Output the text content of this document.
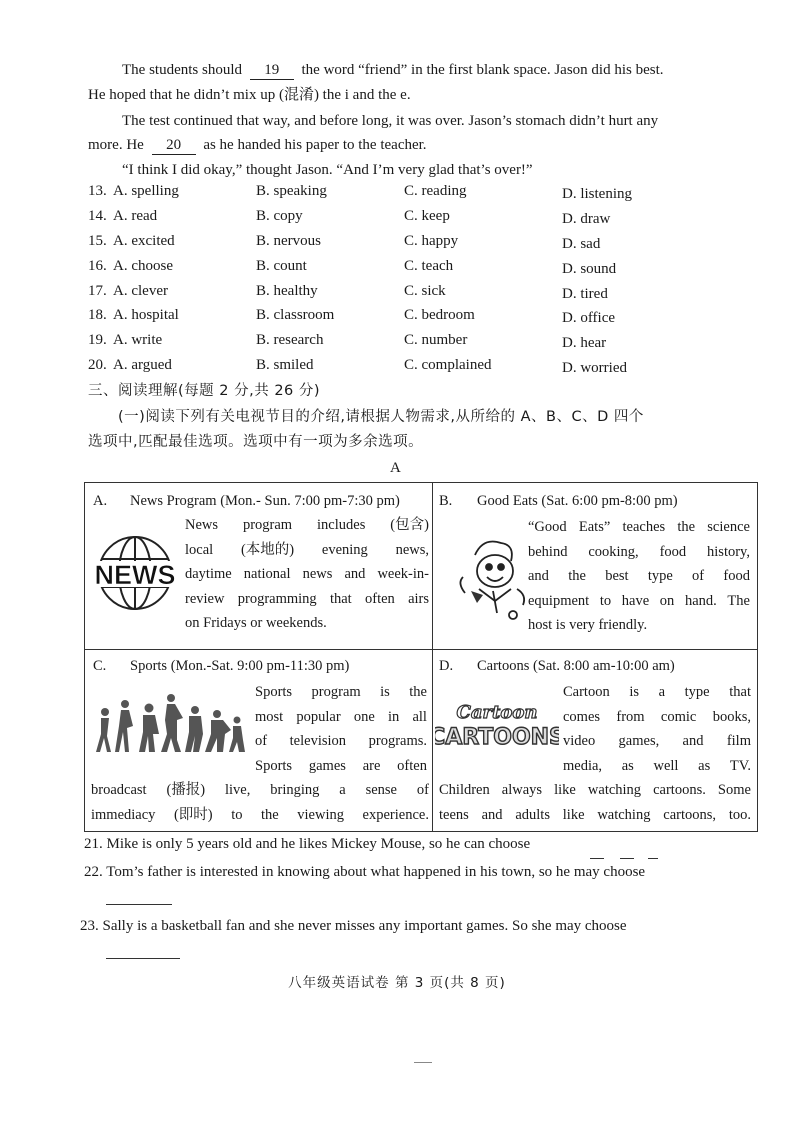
The students should 19 the word “friend” in the first blank space. Jason did his best.
He hoped that he didn’t mix up (混淆) the i and the e.
The test continued that way, and before long, it was over. Jason’s stomach didn’t hurt any
more. He 20 as he handed his paper to the teacher.
“I think I did okay,” thought Jason. “And I’m very glad that’s over!”
13. A. spelling	B. speaking	C. reading	D. listening
14. A. read	B. copy	C. keep	D. draw
15. A. excited	B. nervous	C. happy	D. sad
16. A. choose	B. count	C. teach	D. sound
17. A. clever	B. healthy	C. sick	D. tired
18. A. hospital	B. classroom	C. bedroom	D. office
19. A. write	B. research	C. number	D. hear
20. A. argued	B. smiled	C. complained	D. worried
三、阅读理解(每题 2 分,共 26 分)
(一)阅读下列有关电视节目的介绍,请根据人物需求,从所给的 A、B、C、D 四个
选项中,匹配最佳选项。选项中有一项为多余选项。
A
A. News Program (Mon.- Sun. 7:00 pm-7:30 pm)
NEWS
News program includes (包含)
local (本地的) evening news,
daytime national news and week-in-
review programming that often airs
on Fridays or weekends.
B. Good Eats (Sat. 6:00 pm-8:00 pm)
“Good Eats” teaches the science
behind cooking, food history,
and the best type of food
equipment to have on hand. The
host is very friendly.
C. Sports (Mon.-Sat. 9:00 pm-11:30 pm)
Sports program is the
most popular one in all
of television programs.
Sports games are often
broadcast (播报) live, bringing a sense of
immediacy (即时) to the viewing experience.
D. Cartoons (Sat. 8:00 am-10:00 am)
Cartoon
CARTOONS
Cartoon is a type that
comes from comic books,
video games, and film
media, as well as TV.
Children always like watching cartoons. Some
teens and adults like watching cartoons, too.
21. Mike is only 5 years old and he likes Mickey Mouse, so he can choose
22. Tom’s father is interested in knowing about what happened in his town, so he may choose
23. Sally is a basketball fan and she never misses any important games. So she may choose
八年级英语试卷 第 3 页(共 8 页)
